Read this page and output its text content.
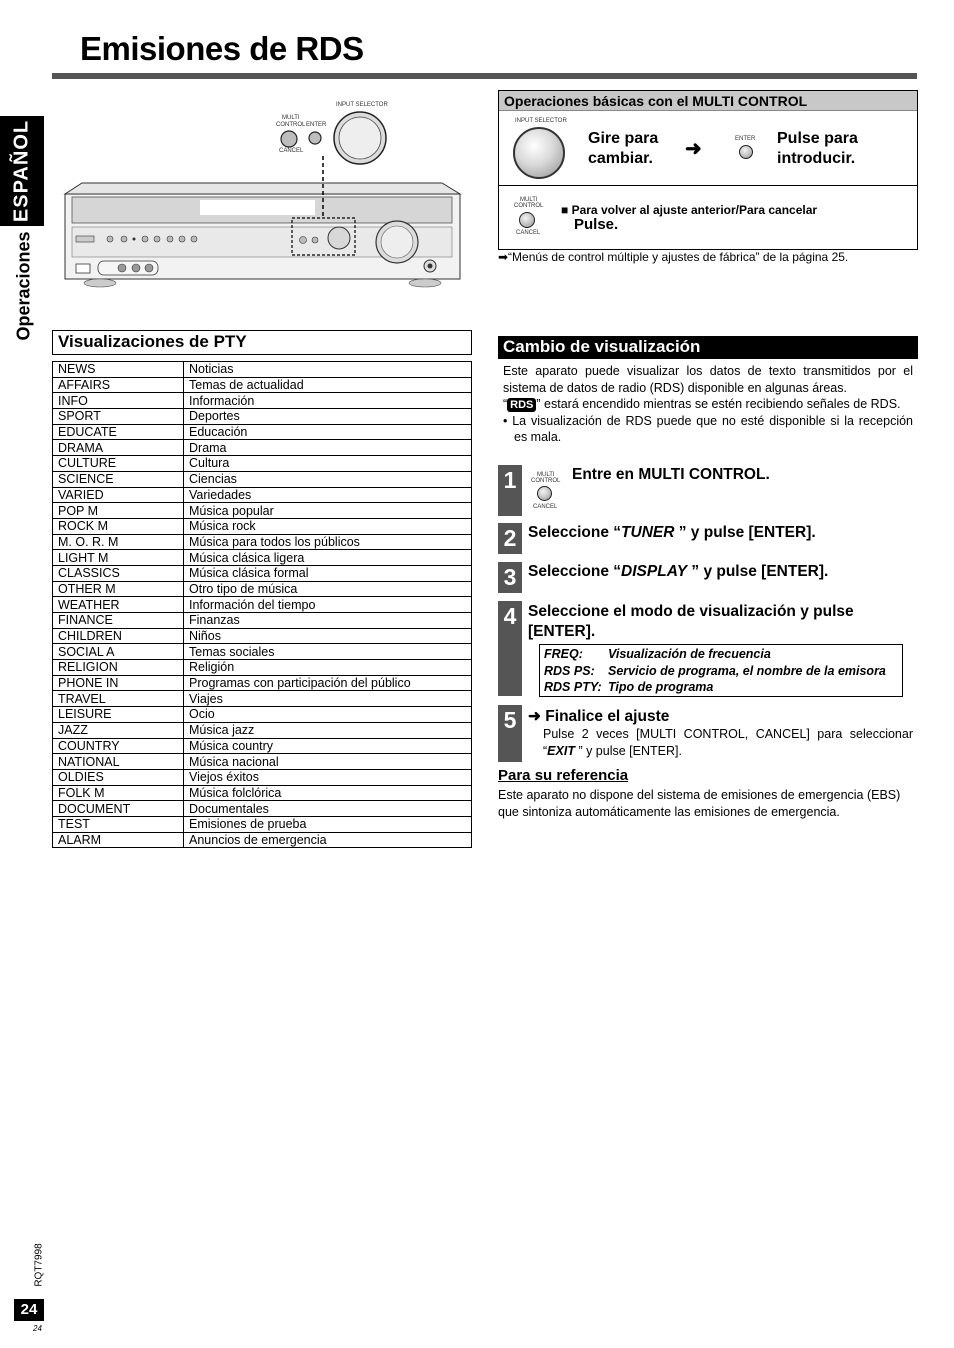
Emisiones de RDS
ESPAÑOL
Operaciones
MULTI
CONTROL ENTER
CANCEL
INPUT SELECTOR	Operaciones básicas con el MULTI CONTROL
INPUT SELECTOR
Gire para
cambiar. ➜	ENTER Pulse para
introducir.
MULTI
CONTROL
CANCEL
■ Para volver al ajuste anterior/Para cancelar
Pulse.
➡“Menús de control múltiple y ajustes de fábrica” de la página 25.
Visualizaciones de PTY
NEWS	Noticias
AFFAIRS	Temas de actualidad
INFO	Información
SPORT	Deportes
EDUCATE	Educación
DRAMA	Drama
CULTURE	Cultura
SCIENCE	Ciencias
VARIED	Variedades
POP M	Música popular
ROCK M	Música rock
M. O. R. M	Música para todos los públicos
LIGHT M	Música clásica ligera
CLASSICS	Música clásica formal
OTHER M	Otro tipo de música
WEATHER	Información del tiempo
FINANCE	Finanzas
CHILDREN	Niños
SOCIAL A	Temas sociales
RELIGION	Religión
PHONE IN	Programas con participación del público
TRAVEL	Viajes
LEISURE	Ocio
JAZZ	Música jazz
COUNTRY	Música country
NATIONAL	Música nacional
OLDIES	Viejos éxitos
FOLK M	Música folclórica
DOCUMENT	Documentales
TEST	Emisiones de prueba
ALARM	Anuncios de emergencia
Cambio de visualización

Este aparato puede visualizar los datos de texto transmitidos por el sistema de datos de radio (RDS) disponible en algunas áreas.

“ RDS ” estará encendido mientras se estén recibiendo señales de RDS.

• La visualización de RDS puede que no esté disponible si la recepción es mala.

1	MULTI
CONTROL
CANCEL
Entre en MULTI CONTROL.
2 Seleccione “TUNER ” y pulse [ENTER].
3 Seleccione “DISPLAY ” y pulse [ENTER].
4 Seleccione el modo de visualización y pulse
[ENTER].
FREQ: Visualización de frecuencia
RDS PS: Servicio de programa, el nombre de la emisora
RDS PTY: Tipo de programa
5 ➜ Finalice el ajuste
Pulse 2 veces [MULTI CONTROL, CANCEL] para seleccionar “EXIT ” y pulse [ENTER].
Para su referencia
Este aparato no dispone del sistema de emisiones de emergencia (EBS) que sintoniza automáticamente las emisiones de emergencia.
RQT7998
24
24
